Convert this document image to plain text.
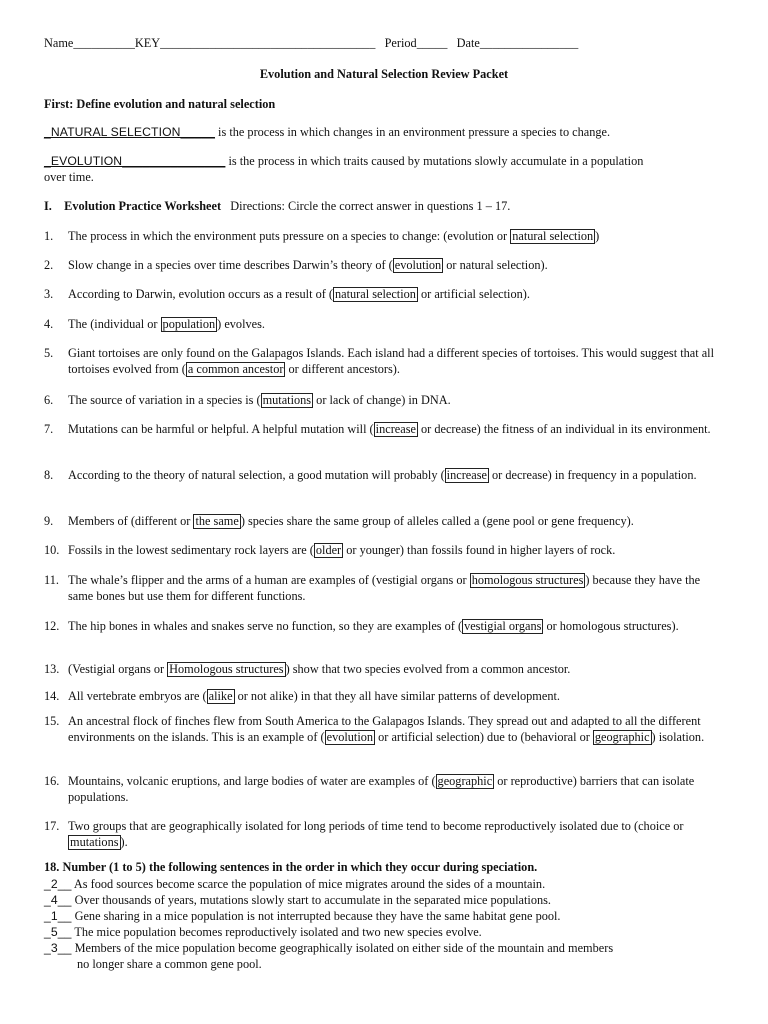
Name__________KEY___________________________________ Period_____ Date________________
Evolution and Natural Selection Review Packet
First: Define evolution and natural selection
_NATURAL SELECTION_____ is the process in which changes in an environment pressure a species to change.
_EVOLUTION_______________ is the process in which traits caused by mutations slowly accumulate in a population
over time.
I. Evolution Practice Worksheet Directions: Circle the correct answer in questions 1 – 17.
1. The process in which the environment puts pressure on a species to change: (evolution or natural selection )
2. Slow change in a species over time describes Darwin’s theory of ( evolution or natural selection).
3. According to Darwin, evolution occurs as a result of ( natural selection or artificial selection).
4. The (individual or population ) evolves.
5. Giant tortoises are only found on the Galapagos Islands. Each island had a different species of tortoises. This would suggest that all tortoises evolved from ( a common ancestor or different ancestors).
6. The source of variation in a species is ( mutations or lack of change) in DNA.
7. Mutations can be harmful or helpful. A helpful mutation will ( increase or decrease) the fitness of an individual in its environment.
8. According to the theory of natural selection, a good mutation will probably ( increase or decrease) in frequency in a population.
9. Members of (different or the same ) species share the same group of alleles called a (gene pool or gene frequency).
10. Fossils in the lowest sedimentary rock layers are ( older or younger) than fossils found in higher layers of rock.
11. The whale’s flipper and the arms of a human are examples of (vestigial organs or homologous structures ) because they have the same bones but use them for different functions.
12. The hip bones in whales and snakes serve no function, so they are examples of ( vestigial organs or homologous structures).
13. (Vestigial organs or Homologous structures ) show that two species evolved from a common ancestor.
14. All vertebrate embryos are ( alike or not alike) in that they all have similar patterns of development.
15. An ancestral flock of finches flew from South America to the Galapagos Islands. They spread out and adapted to all the different environments on the islands. This is an example of ( evolution or artificial selection) due to (behavioral or geographic ) isolation.
16. Mountains, volcanic eruptions, and large bodies of water are examples of ( geographic or reproductive) barriers that can isolate populations.
17. Two groups that are geographically isolated for long periods of time tend to become reproductively isolated due to (choice or mutations ).
18. Number (1 to 5) the following sentences in the order in which they occur during speciation.
_2__ As food sources become scarce the population of mice migrates around the sides of a mountain.
_4__ Over thousands of years, mutations slowly start to accumulate in the separated mice populations.
_1__ Gene sharing in a mice population is not interrupted because they have the same habitat gene pool.
_5__ The mice population becomes reproductively isolated and two new species evolve.
_3__ Members of the mice population become geographically isolated on either side of the mountain and members
no longer share a common gene pool.
